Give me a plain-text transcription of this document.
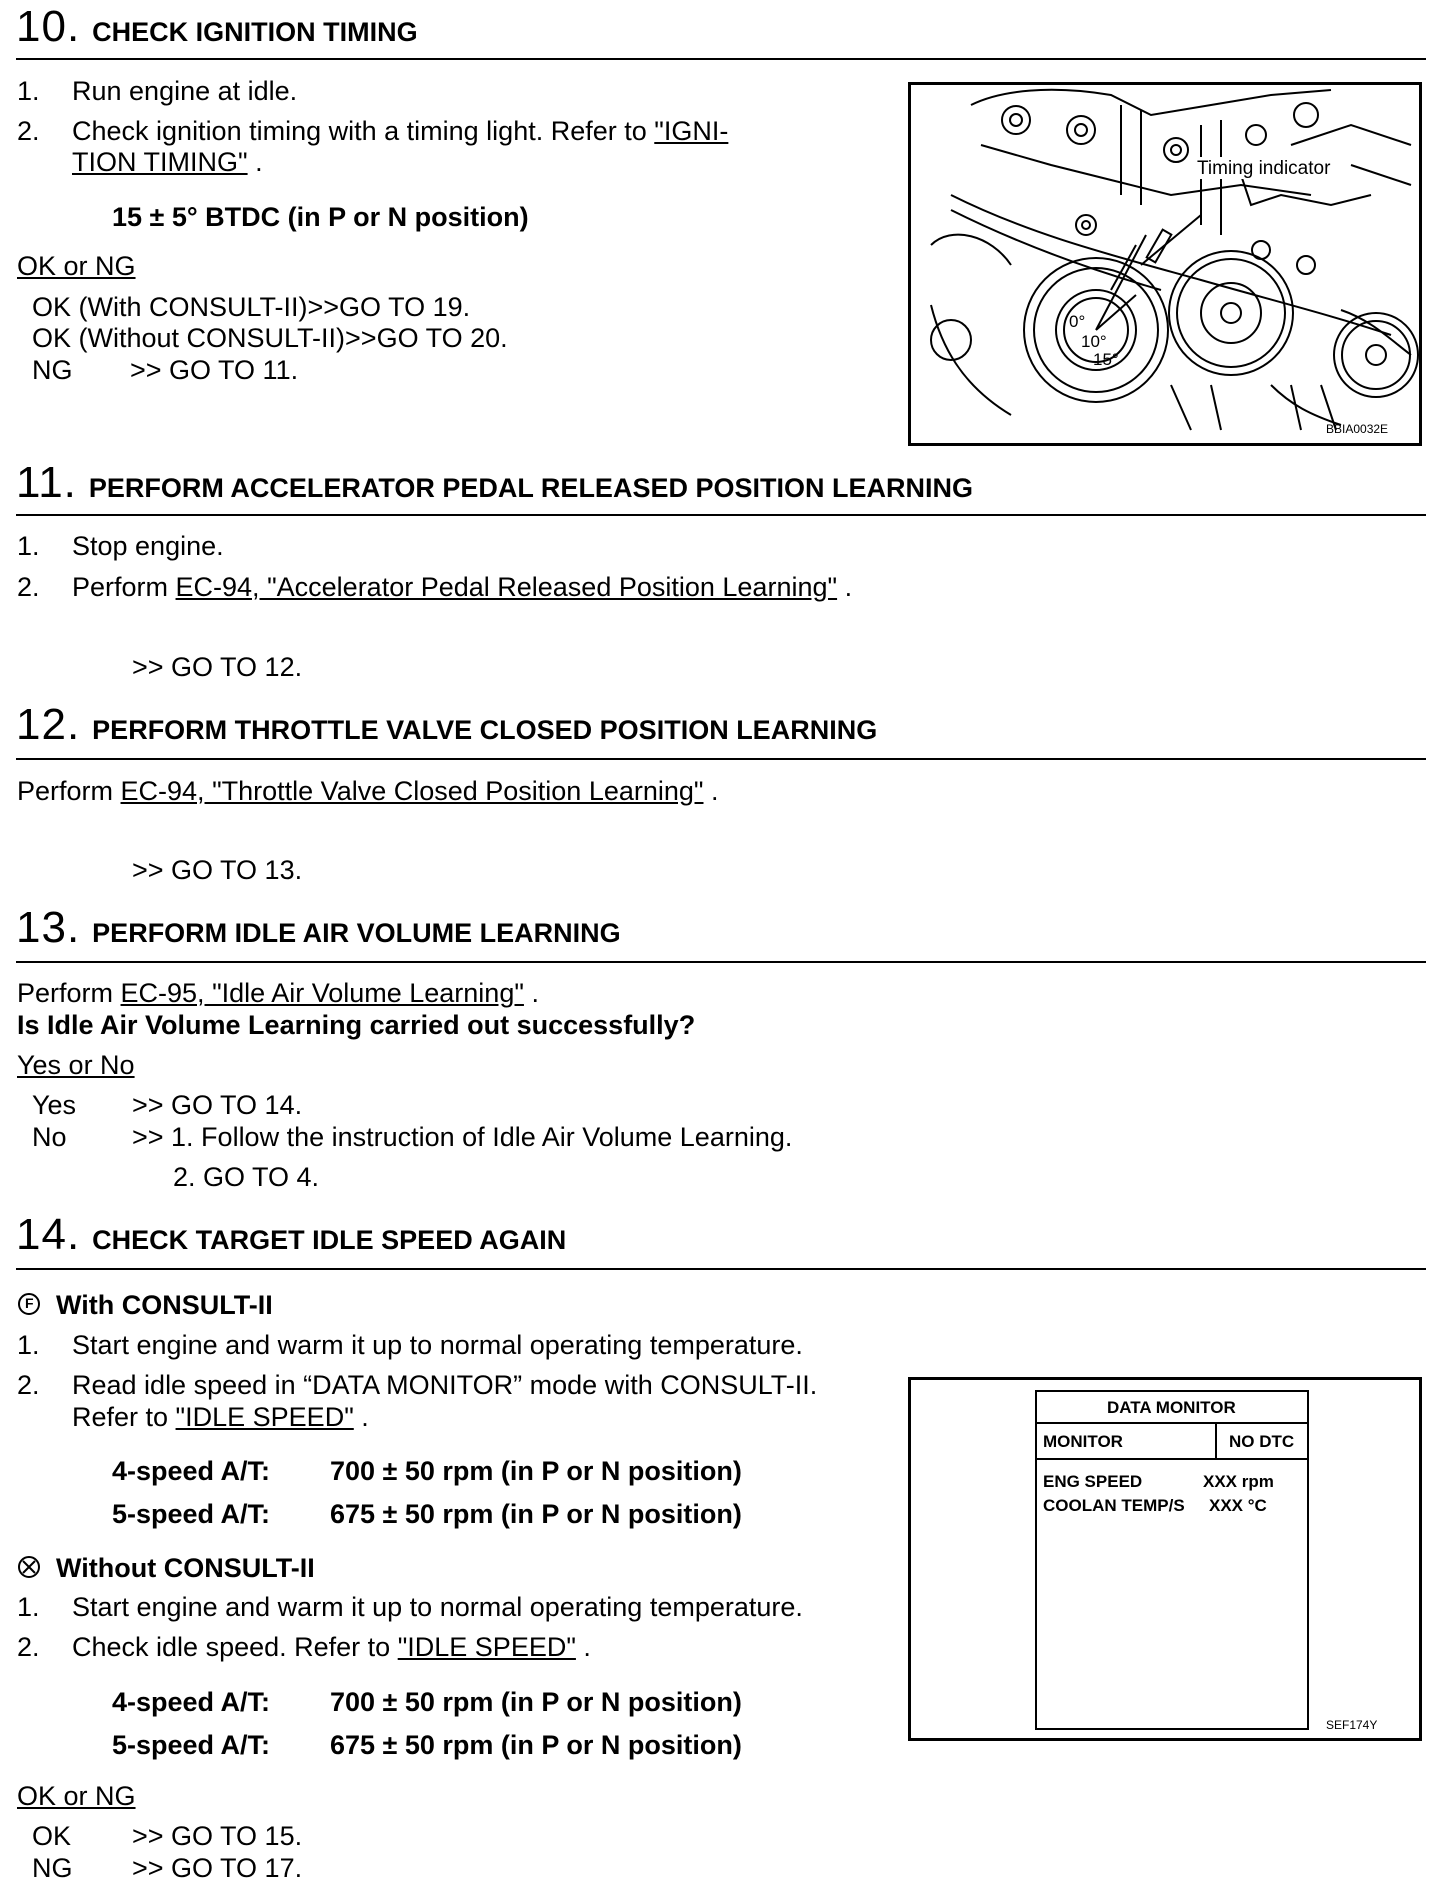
10. CHECK IGNITION TIMING
1. Run engine at idle.
2. Check ignition timing with a timing light. Refer to "IGNI-
TION TIMING" .
15 ± 5° BTDC (in P or N position)
OK or NG
OK (With CONSULT-II)>>GO TO 19.
OK (Without CONSULT-II)>>GO TO 20.
NG >> GO TO 11.
Timing indicator
0°
10°
15°
BBIA0032E
11. PERFORM ACCELERATOR PEDAL RELEASED POSITION LEARNING
1. Stop engine.
2. Perform EC-94, "Accelerator Pedal Released Position Learning" .
>> GO TO 12.
12. PERFORM THROTTLE VALVE CLOSED POSITION LEARNING
Perform EC-94, "Throttle Valve Closed Position Learning" .
>> GO TO 13.
13. PERFORM IDLE AIR VOLUME LEARNING
Perform EC-95, "Idle Air Volume Learning" .
Is Idle Air Volume Learning carried out successfully?
Yes or No
Yes >> GO TO 14.
No >> 1. Follow the instruction of Idle Air Volume Learning.
2. GO TO 4.
14. CHECK TARGET IDLE SPEED AGAIN
F With CONSULT-II
1. Start engine and warm it up to normal operating temperature.
2. Read idle speed in “DATA MONITOR” mode with CONSULT-II.
Refer to "IDLE SPEED" .
4-speed A/T: 700 ± 50 rpm (in P or N position)
5-speed A/T: 675 ± 50 rpm (in P or N position)
Without CONSULT-II
1. Start engine and warm it up to normal operating temperature.
2. Check idle speed. Refer to "IDLE SPEED" .
4-speed A/T: 700 ± 50 rpm (in P or N position)
5-speed A/T: 675 ± 50 rpm (in P or N position)
OK or NG
OK >> GO TO 15.
NG >> GO TO 17.
DATA MONITOR
MONITOR	NO DTC
ENG SPEED	XXX rpm
COOLAN TEMP/S XXX °C
SEF174Y
